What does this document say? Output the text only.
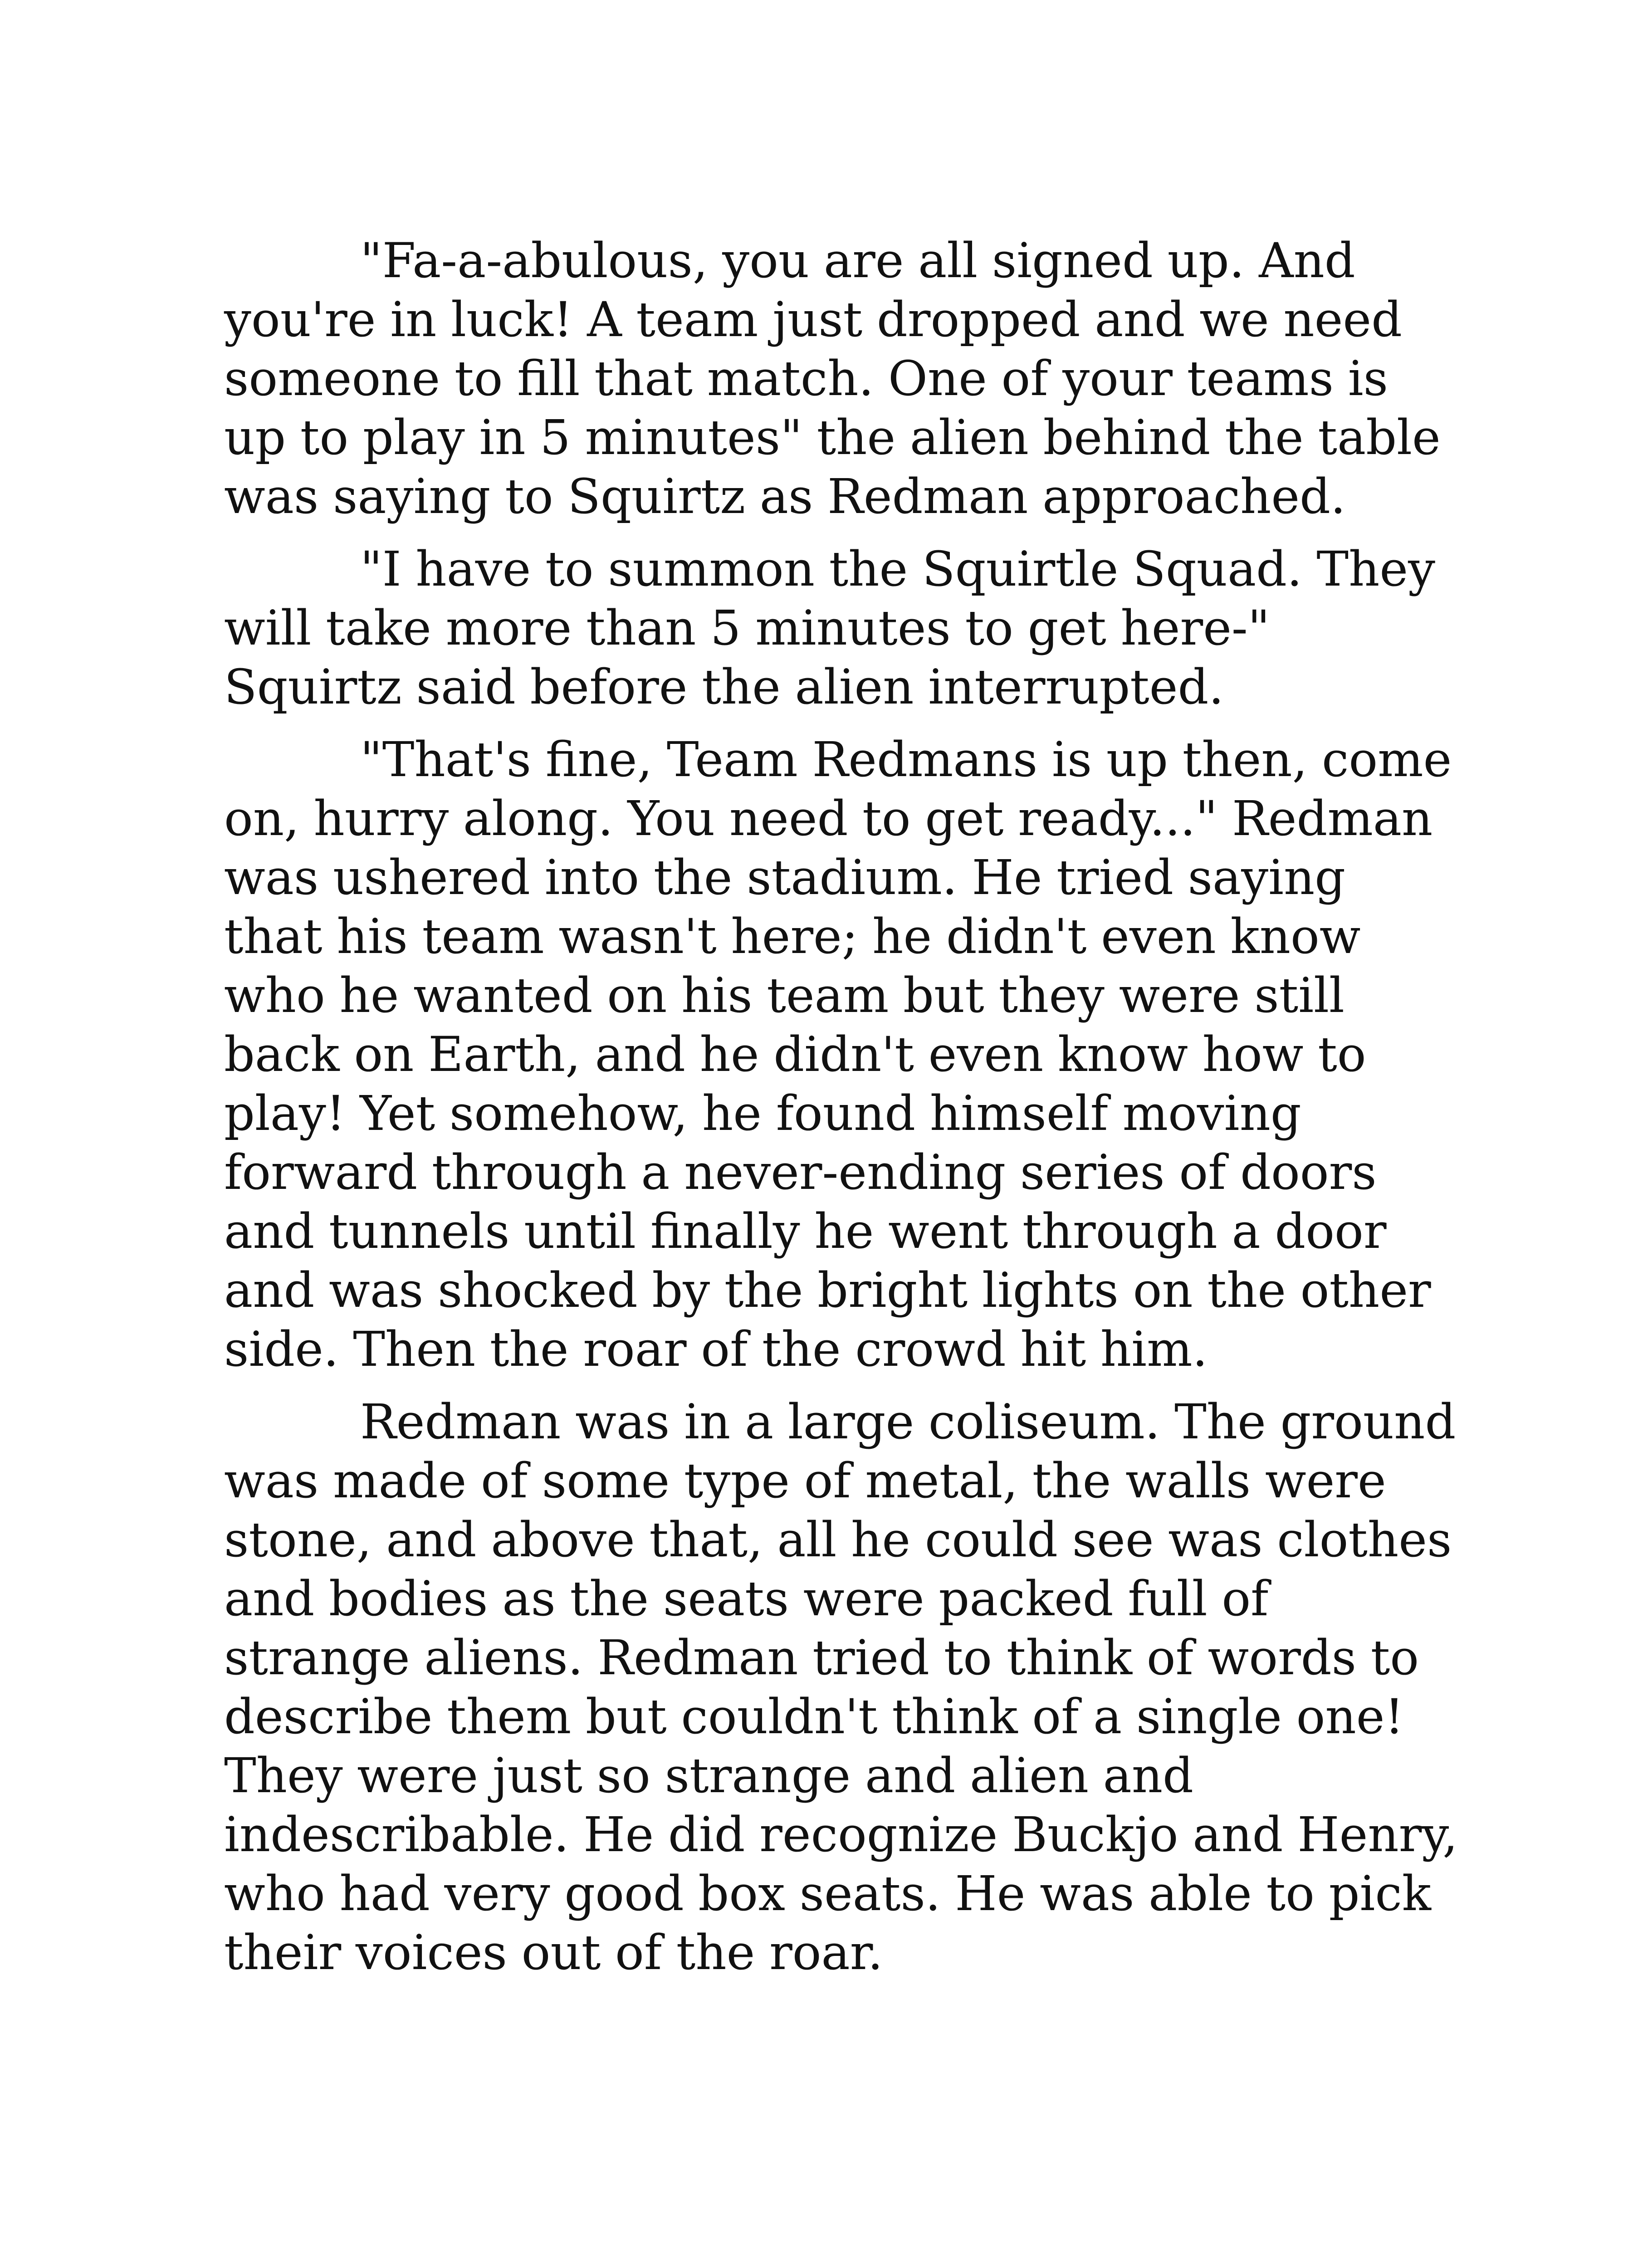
"Fa-a-abulous, you are all signed up. And you're in luck! A team just dropped and we need someone to fill that match. One of your teams is up to play in 5 minutes" the alien behind the table was saying to Squirtz as Redman approached.

"I have to summon the Squirtle Squad. They will take more than 5 minutes to get here-" Squirtz said before the alien interrupted.

"That's fine, Team Redmans is up then, come on, hurry along. You need to get ready..." Redman was ushered into the stadium. He tried saying that his team wasn't here; he didn't even know who he wanted on his team but they were still back on Earth, and he didn't even know how to play! Yet somehow, he found himself moving forward through a never-ending series of doors and tunnels until finally he went through a door and was shocked by the bright lights on the other side. Then the roar of the crowd hit him.

Redman was in a large coliseum. The ground was made of some type of metal, the walls were stone, and above that, all he could see was clothes and bodies as the seats were packed full of strange aliens. Redman tried to think of words to describe them but couldn't think of a single one! They were just so strange and alien and indescribable. He did recognize Buckjo and Henry, who had very good box seats. He was able to pick their voices out of the roar.
